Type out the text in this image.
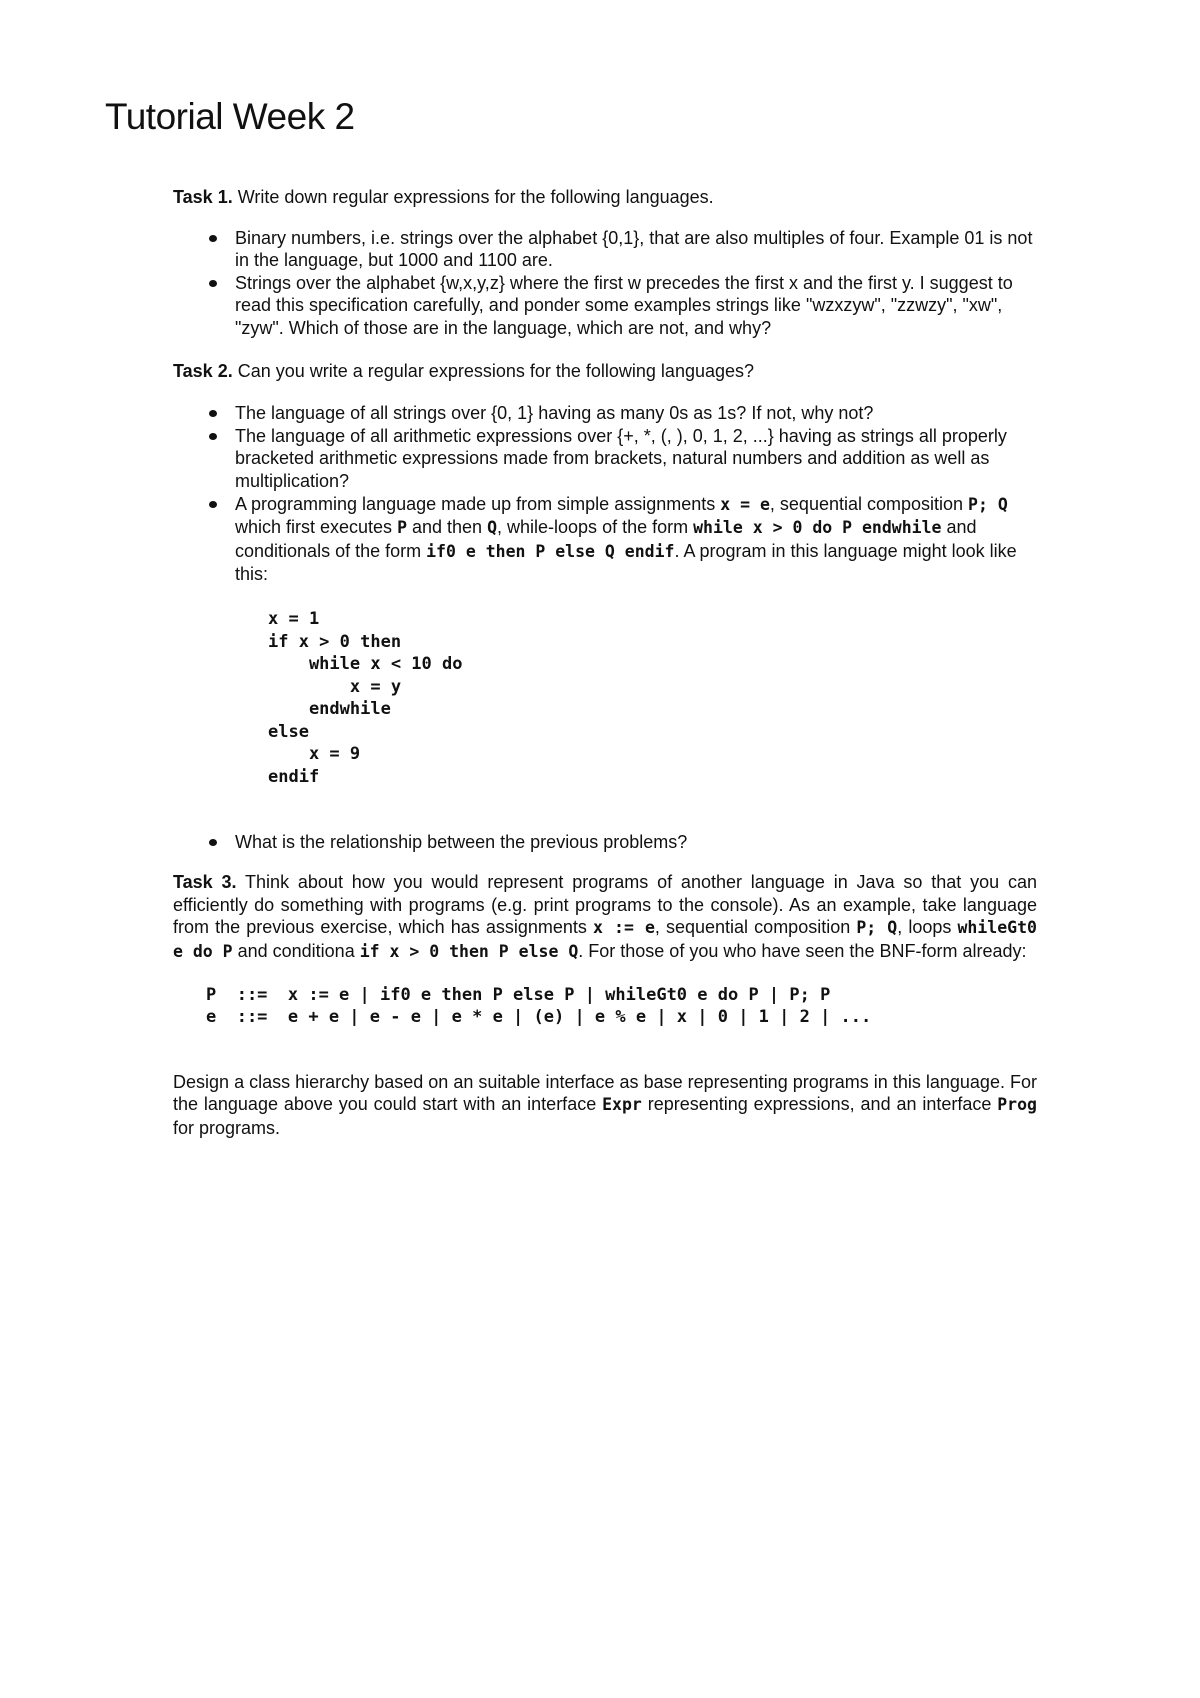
Tutorial Week 2

Task 1. Write down regular expressions for the following languages.

Binary numbers, i.e. strings over the alphabet {0,1}, that are also multiples of four. Example 01 is not in the language, but 1000 and 1100 are.
Strings over the alphabet {w,x,y,z} where the first w precedes the first x and the first y. I suggest to read this specification carefully, and ponder some examples strings like "wzxzyw", "zzwzy", "xw", "zyw". Which of those are in the language, which are not, and why?

Task 2. Can you write a regular expressions for the following languages?

The language of all strings over {0, 1} having as many 0s as 1s? If not, why not?
The language of all arithmetic expressions over {+, *, (, ), 0, 1, 2, ...} having as strings all properly bracketed arithmetic expressions made from brackets, natural numbers and addition as well as multiplication?
A programming language made up from simple assignments x = e, sequential composition P; Q which first executes P and then Q, while-loops of the form while x > 0 do P endwhile and conditionals of the form if0 e then P else Q endif. A program in this language might look like this:
x = 1
if x > 0 then
while x < 10 do
x = y
endwhile
else
x = 9
endif
What is the relationship between the previous problems?

Task 3. Think about how you would represent programs of another language in Java so that you can efficiently do something with programs (e.g. print programs to the console). As an example, take language from the previous exercise, which has assignments x := e, sequential composition P; Q, loops whileGt0 e do P and conditiona if x > 0 then P else Q. For those of you who have seen the BNF-form already:

P  ::=  x := e | if0 e then P else P | whileGt0 e do P | P; P
e  ::=  e + e | e - e | e * e | (e) | e % e | x | 0 | 1 | 2 | ...

Design a class hierarchy based on an suitable interface as base representing programs in this language. For the language above you could start with an interface Expr representing expressions, and an interface Prog for programs.
